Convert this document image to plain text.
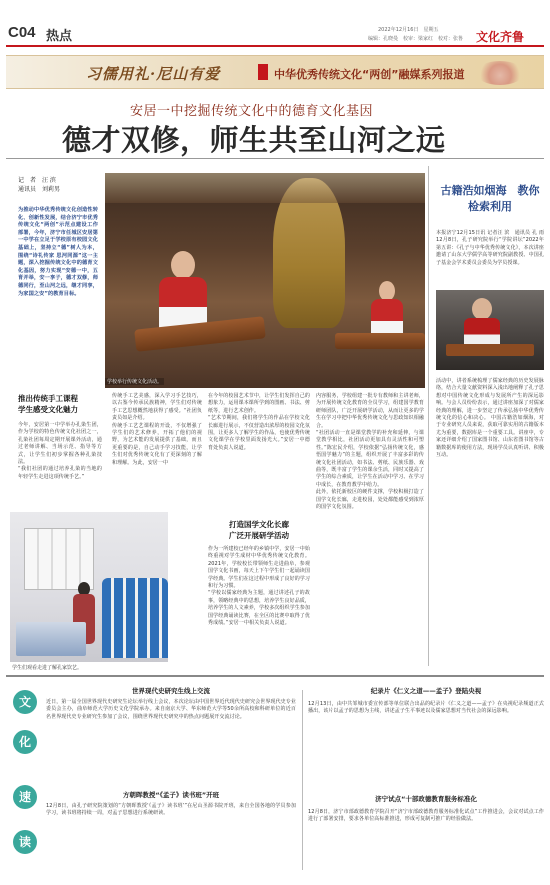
C04 热点	2022年12月16日　星期五
编辑：孔晓曼　校审：梁家红　校对：张鲁 文化齐鲁
习儒用礼·尼山有爱	中华优秀传统文化“两创”融媒系列报道
安居一中挖掘传统文化中的德育文化基因
德才双修，师生共至山河之远
记　者　汪 滨
通讯员　刘莉男
为推动中华优秀传统文化创造性转化、创新性发展，结合济宁市优秀传统文化“两创”示范点建设工作部署，今年，济宁市任城区安居第一中学在立足于学校原有校园文化基础上，坚持立“德”树人为本，围绕“诗礼传家 思河同源”这一主题，深入挖掘传统文化中的德育文化基因，努力实现“安德一中，五育并举，安一享子，德才双修，师德同行，至山河之远，继才同享，为家国之安”的教育目标。
学校举行传统文化活动。
古籍浩如烟海　教你检索利用
本报济宁12月15日讯 记者汪 滨　通讯员 孔 雨　12月8日，孔子研究院举行“学院讲坛”2022年第五讲：《孔子与中华优秀传统文化》，本次讲座邀请了山东大学儒学高等研究院副教授、中国孔子基金会学术委员会委员为学员授课。
活动中，讲者系统梳理了儒家经典的历史发展脉络，结合大量文献资料深入浅出地阐释了孔子思想对中国传统文化形成与发展所产生的深远影响。与会人员纷纷表示，通过讲座加深了对儒家经典的理解，进一步坚定了传承弘扬中华优秀传统文化的信心和决心。 中国古籍浩如烟海，对于专业研究人员来说，获取可靠实用的古籍版本尤为重要，数据库是一个重要工具。讲座中，专家还详细介绍了国家图书馆、山东省图书馆等古籍数据库的使用方法，现场学员认真听讲、积极互动。
推出传统手工课程
学生感受文化魅力
今年，安居第一中学举办孔染生团，作为学校的特色传统文化社团之一，孔染社团每周定期开展课外活动，通过老师讲解、当场示范、指导等方式，让学生们初步掌握各种孔染技法。
“我们社团的通过培养孔染的当地的年轻学生走进这项传统手艺。”
学生们观看走进了解孔家饮艺。
传统手工艺美感，深入学习手艺技巧，以古鉴今传承民族精神，学生们对传统手工艺思想概然地获得了感受。“社团负责员如是介绍。
传统手工艺艺课程的开设，不仅增强了学生们的艺术修养，开拓了他们的视野，为艺术能的发展提供了基础，而且更重要的是，自己动手学习技能，让学生们对优秀传统文化有了更深刻的了解和理解。为此，安居一中
在今年的校园艺术节中，让学生们发挥自己的想象力，运用课本课所学到的图画、书法、剪纸等，进行艺术创作。
“艺术节期间，我们将学生的作品在学校文化长廊进行展示，不仅营造出浓厚的校园文化氛围，让更多人了解学生的作品，也使优秀传统文化课学在学校里面发扬光大。”安居一中德育处负责人说道。
打造国学文化长廊
广泛开展研学活动
作为一所建校已经年的乡镇中学，安居一中始终重视对学生成材中华优秀传统文化教育。2021年，学校校长带领师生走进曲阜，参观国学文化书画，每天上下午学生们一起诵读国学经典。学生们在这过程中形成了良好的学习和行为习惯。
“学校以儒家经典为主题，通过讲述孔子的故事，领略经典中的思想，培养学生良好品质，培养学生的人文素养，学校多次组织学生参加国学经典诵读比赛，在全区的比赛中取得了优秀成绩。”安居一中相关负责人说道。
内容服务，学校组建一批专有教师和主讲老师，为开展传统文化教育的全员学习，组建国学教育研师团队，广泛开展研学活动，从而让更多的学生在学习中把中华优秀传统文化与思政知识相融合。
“社团活动一直是课堂教学的补充和延伸，与课堂教学相比，社团活动更加具有灵活性和可塑性。”陈宏民介绍，学校依据“弘扬传统文化，感悟国学魅力”的主题，组织开展了丰富多彩的传统文化社团活动，如书法、剪纸、民族乐器、戏曲等，既丰富了学生的课余生活，同时又提高了学生的综合素质，让学生在活动中学习、在学习中成长，在教育教学中给力。
此外，依托新校区的硬件支撑，学校积极打造了国学文化长廊，走进校园，处处都能感受到浓厚的国学文化氛围。
文
化
速
读
世界现代史研究生线上交流
近日，第一届全国世界现代史研究生论坛举行线上会议，本次论坛由中国世界近代现代史研究会世界现代史专业委员会主办，曲阜师范大学历史文化学院承办。来自南京大学、华东师范大学等50余所高校和科研单位的近百名世界现代史专业研究生参加了会议，围绕世界现代史研究中的热点问题展开交流讨论。
方朝晖教授“《孟子》读书班”开班
12月8日，由孔子研究院策划的“方朝晖教授‘《孟子》读书班’”在尼山圣源书院开班，来自全国各地的学员参加学习，读书班将持续一周，对孟子思想进行系统研读。
纪录片《仁义之道——孟子》登陆央视
12月13日，由中共邹城市委宣传部等单位联合出品的纪录片《仁义之道——孟子》在央视纪录频道正式播出，该片以孟子的思想为主线，讲述孟子生平事迹以及儒家思想对当代社会的深远影响。
济宁试点“十部政德教育服务标准化
12月8日，济宁市部政德教育学院召开“济宁市部政德教育服务标准化试点”工作推进会，会议对试点工作进行了部署安排，要求各单位高标准推进，形成可复制可推广的经验做法。
